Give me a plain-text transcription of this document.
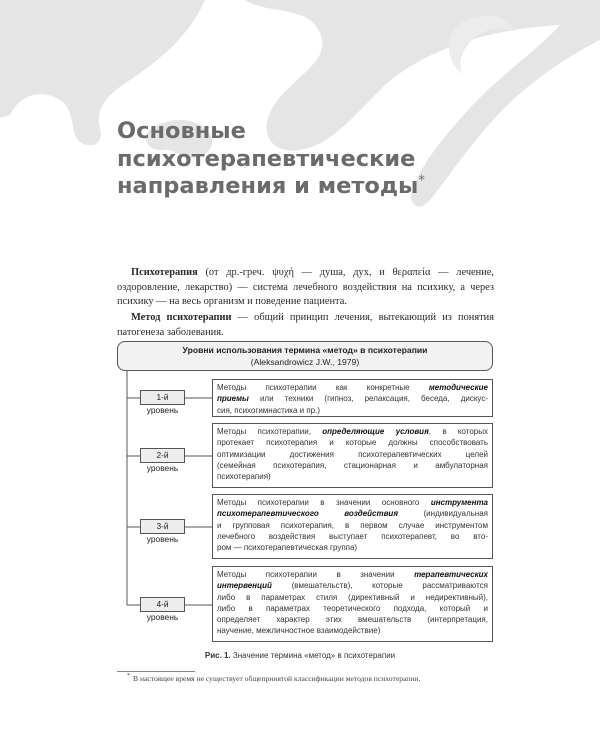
Основные
психотерапевтические
направления и методы*
Психотерапия (от др.-греч. ψυχή — душа, дух, и θεραπεία — лечение, оздоровление, лекарство) — система лечебного воздействия на психику, а через психику — на весь организм и поведение пациента.
Метод психотерапии — общий принцип лечения, вытекающий из понятия патогенеза заболевания.
Уровни использования термина «метод» в психотерапии
(Aleksandrowicz J.W., 1979)
1-й уровень
2-й уровень
3-й уровень
4-й уровень
Методы психотерапии как конкретные методические
приемы или техники (гипноз, релаксация, беседа, дискус-
сия, психогимнастика и пр.)
Методы психотерапии, определяющие условия, в которых
протекает психотерапия и которые должны способствовать
оптимизации достижения психотерапевтических целей
(семейная психотерапия, стационарная и амбулаторная
психотерапия)
Методы психотерапии в значении основного инструмента
психотерапевтического воздействия (индивидуальная
и групповая психотерапия, в первом случае инструментом
лечебного воздействия выступает психотерапевт, во вто-
ром — психотерапевтическая группа)
Методы психотерапии в значении терапевтических
интервенций (вмешательств), которые рассматриваются
либо в параметрах стиля (директивный и недирективный),
либо в параметрах теоретического подхода, который и
определяет характер этих вмешательств (интерпретация,
научение, межличностное взаимодействие)
Рис. 1. Значение термина «метод» в психотерапии
* В настоящее время не существует общепринятой классификации методов психотерапии.
